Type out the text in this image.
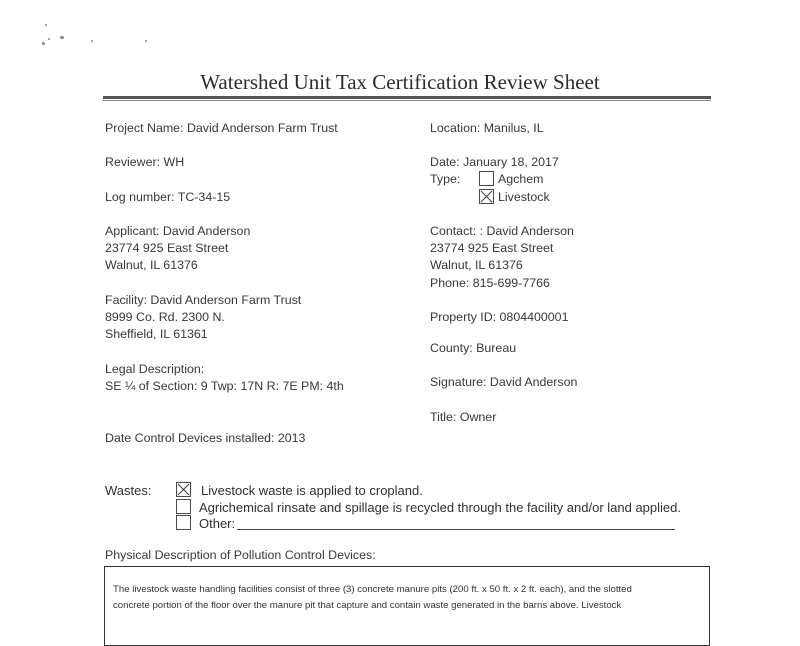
Watershed Unit Tax Certification Review Sheet
Project Name: David Anderson Farm Trust
Reviewer: WH
Log number: TC-34-15
Applicant: David Anderson
23774 925 East Street
Walnut, IL 61376
Facility: David Anderson Farm Trust
8999 Co. Rd. 2300 N.
Sheffield, IL 61361
Legal Description:
SE ¼ of Section: 9 Twp: 17N R: 7E PM: 4th
Date Control Devices installed: 2013
Location: Manilus, IL
Date: January 18, 2017
Type:	Agchem
Livestock
Contact: : David Anderson
23774 925 East Street
Walnut, IL 61376
Phone: 815-699-7766
Property ID: 0804400001
County: Bureau
Signature: David Anderson
Title: Owner
Wastes:	Livestock waste is applied to cropland.
Agrichemical rinsate and spillage is recycled through the facility and/or land applied.
Other:
Physical Description of Pollution Control Devices:
The livestock waste handling facilities consist of three (3) concrete manure pits (200 ft. x 50 ft. x 2 ft. each), and the slotted
concrete portion of the floor over the manure pit that capture and contain waste generated in the barns above. Livestock
